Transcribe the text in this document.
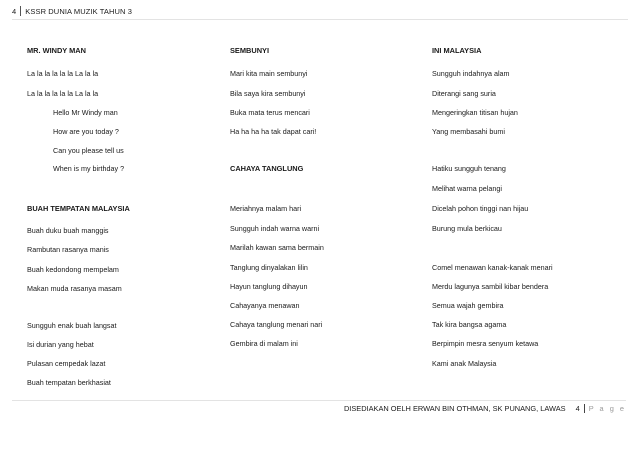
4 KSSR DUNIA MUZIK TAHUN 3
MR. WINDY MAN
La la la la la la La la la
La la la la la la La la la
Hello Mr Windy man
How are you today ?
Can you please tell us
When is my birthday ?
BUAH TEMPATAN MALAYSIA
Buah duku buah manggis
Rambutan rasanya manis
Buah kedondong mempelam
Makan muda rasanya masam
Sungguh enak buah langsat
Isi durian yang hebat
Pulasan cempedak lazat
Buah tempatan berkhasiat
SEMBUNYI
Mari kita main sembunyi
Bila saya kira sembunyi
Buka mata terus mencari
Ha ha ha ha tak dapat cari!
CAHAYA TANGLUNG
Meriahnya malam hari
Sungguh indah warna warni
Marilah kawan sama bermain
Tanglung dinyalakan lilin
Hayun tanglung dihayun
Cahayanya menawan
Cahaya tanglung menari nari
Gembira di malam ini
INI MALAYSIA
Sungguh indahnya alam
Diterangi sang suria
Mengeringkan titisan hujan
Yang membasahi bumi
Hatiku sungguh tenang
Melihat warna pelangi
Dicelah pohon tinggi nan hijau
Burung mula berkicau
Comel menawan kanak-kanak menari
Merdu lagunya sambil kibar bendera
Semua wajah gembira
Tak kira bangsa agama
Berpimpin mesra senyum ketawa
Kami anak Malaysia
DISEDIAKAN OELH ERWAN BIN OTHMAN, SK PUNANG, LAWAS 4 P a g e
